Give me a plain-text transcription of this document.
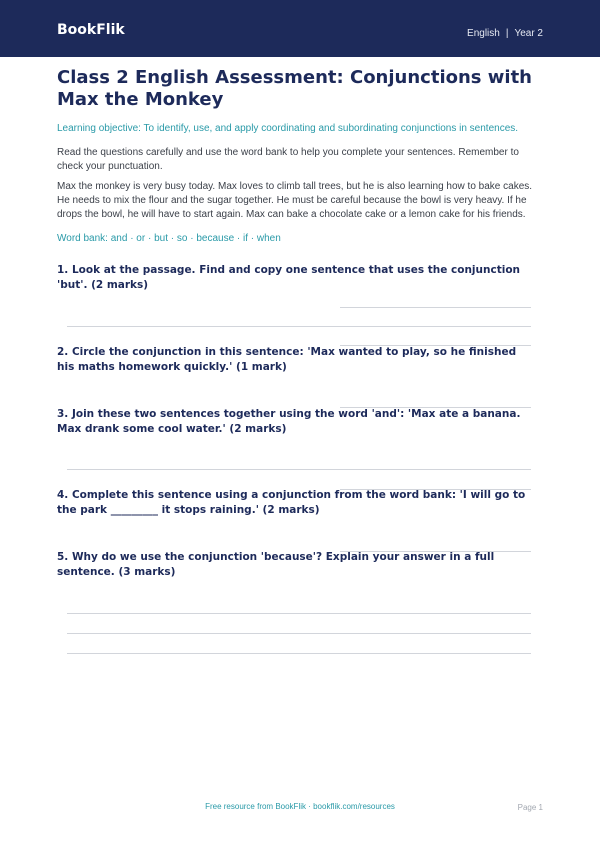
BookFlik	English | Year 2
Class 2 English Assessment: Conjunctions with Max the Monkey
Learning objective: To identify, use, and apply coordinating and subordinating conjunctions in sentences.
Read the questions carefully and use the word bank to help you complete your sentences. Remember to check your punctuation.
Max the monkey is very busy today. Max loves to climb tall trees, but he is also learning how to bake cakes. He needs to mix the flour and the sugar together. He must be careful because the bowl is very heavy. If he drops the bowl, he will have to start again. Max can bake a chocolate cake or a lemon cake for his friends.
Word bank: and · or · but · so · because · if · when
1. Look at the passage. Find and copy one sentence that uses the conjunction 'but'. (2 marks)
2. Circle the conjunction in this sentence: 'Max wanted to play, so he finished his maths homework quickly.' (1 mark)
3. Join these two sentences together using the word 'and': 'Max ate a banana. Max drank some cool water.' (2 marks)
4. Complete this sentence using a conjunction from the word bank: 'I will go to the park _________ it stops raining.' (2 marks)
5. Why do we use the conjunction 'because'? Explain your answer in a full sentence. (3 marks)
Free resource from BookFlik · bookflik.com/resources	Page 1
